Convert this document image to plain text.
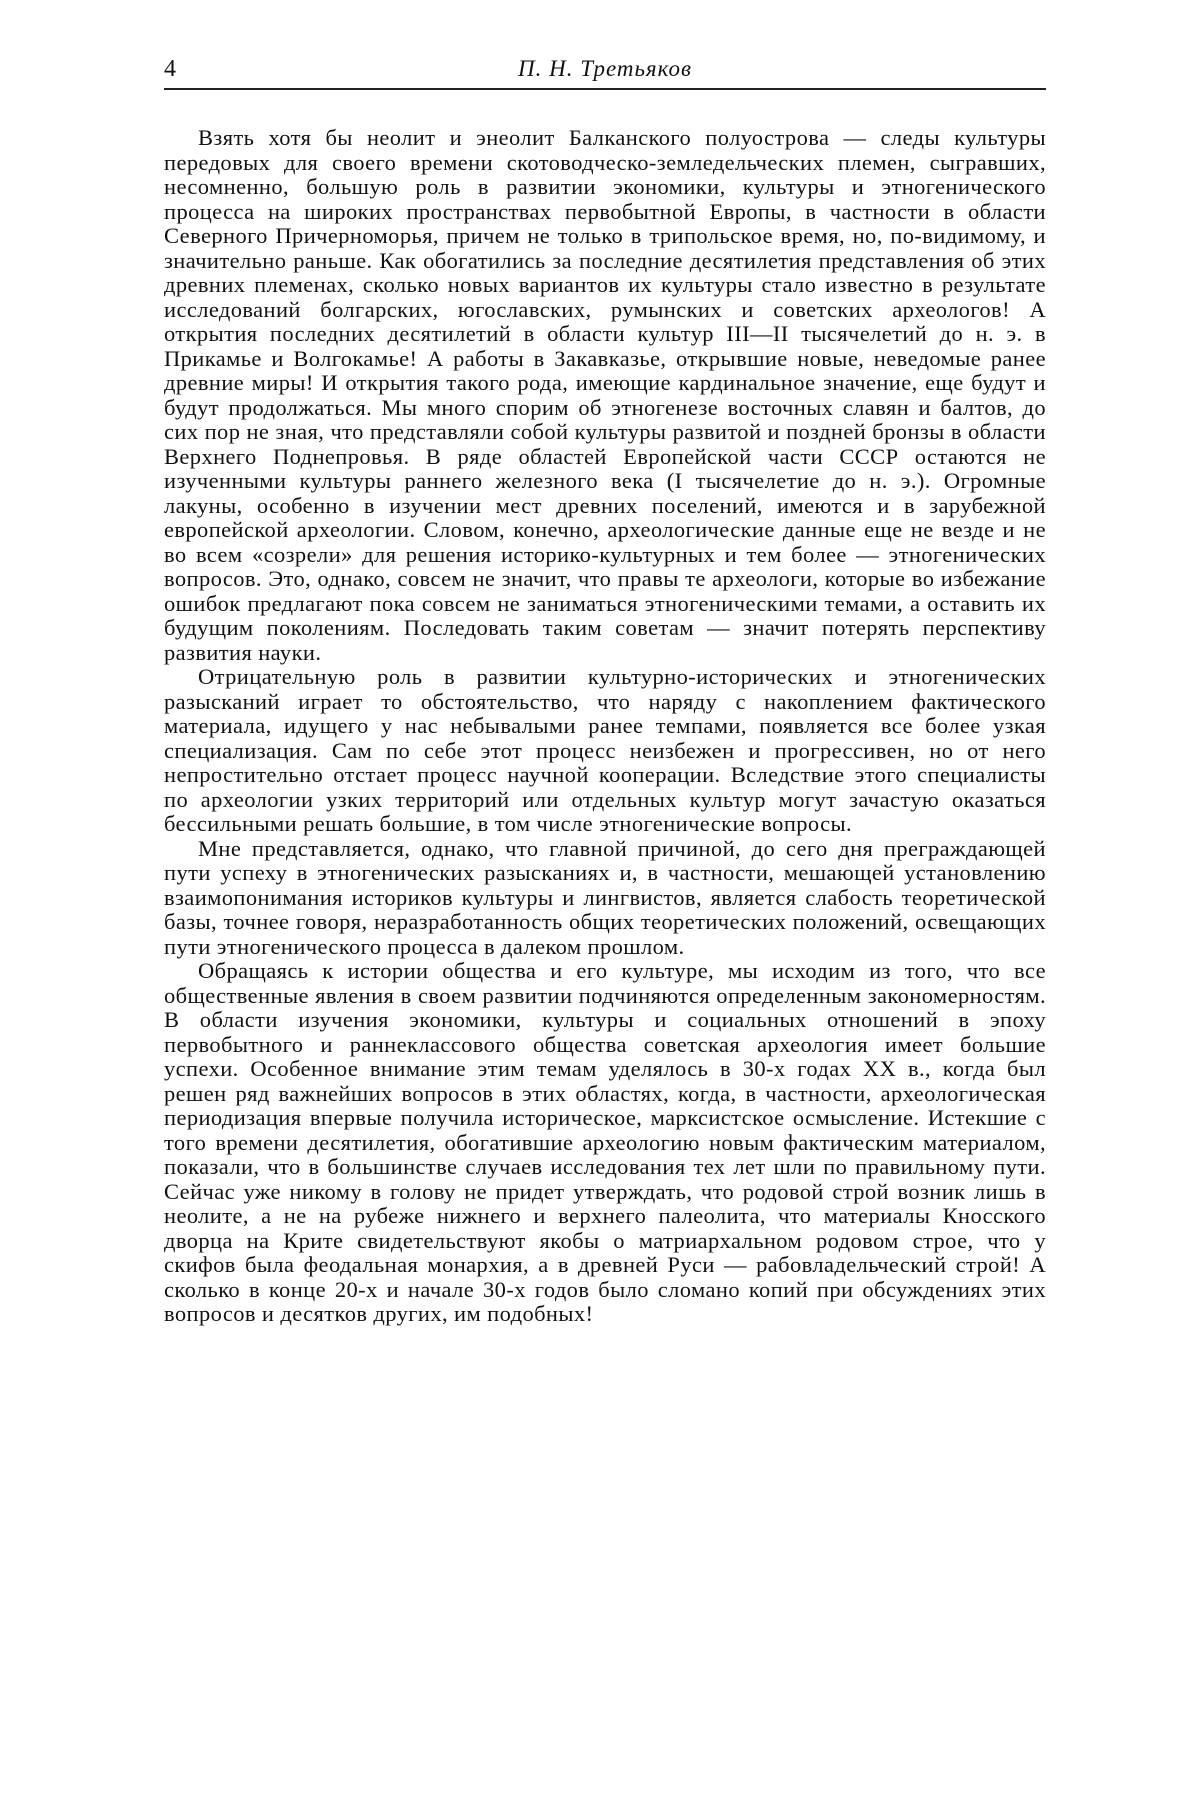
4	П. Н. Третьяков

Взять хотя бы неолит и энеолит Балканского полуострова — следы культуры передовых для своего времени скотоводческо-земледельческих племен, сыгравших, несомненно, большую роль в развитии экономики, культуры и этногенического процесса на широких пространствах первобытной Европы, в частности в области Северного Причерноморья, причем не только в трипольское время, но, по-видимому, и значительно раньше. Как обогатились за последние десятилетия представления об этих древних племенах, сколько новых вариантов их культуры стало известно в результате исследований болгарских, югославских, румынских и советских археологов! А открытия последних десятилетий в области культур III—II тысячелетий до н. э. в Прикамье и Волгокамье! А работы в Закавказье, открывшие новые, неведомые ранее древние миры! И открытия такого рода, имеющие кардинальное значение, еще будут и будут продолжаться. Мы много спорим об этногенезе восточных славян и балтов, до сих пор не зная, что представляли собой культуры развитой и поздней бронзы в области Верхнего Поднепровья. В ряде областей Европейской части СССР остаются не изученными культуры раннего железного века (I тысячелетие до н. э.). Огромные лакуны, особенно в изучении мест древних поселений, имеются и в зарубежной европейской археологии. Словом, конечно, археологические данные еще не везде и не во всем «созрели» для решения историко-культурных и тем более — этногенических вопросов. Это, однако, совсем не значит, что правы те археологи, которые во избежание ошибок предлагают пока совсем не заниматься этногеническими темами, а оставить их будущим поколениям. Последовать таким советам — значит потерять перспективу развития науки.

Отрицательную роль в развитии культурно-исторических и этногенических разысканий играет то обстоятельство, что наряду с накоплением фактического материала, идущего у нас небывалыми ранее темпами, появляется все более узкая специализация. Сам по себе этот процесс неизбежен и прогрессивен, но от него непростительно отстает процесс научной кооперации. Вследствие этого специалисты по археологии узких территорий или отдельных культур могут зачастую оказаться бессильными решать большие, в том числе этногенические вопросы.

Мне представляется, однако, что главной причиной, до сего дня преграждающей пути успеху в этногенических разысканиях и, в частности, мешающей установлению взаимопонимания историков культуры и лингвистов, является слабость теоретической базы, точнее говоря, неразработанность общих теоретических положений, освещающих пути этногенического процесса в далеком прошлом.

Обращаясь к истории общества и его культуре, мы исходим из того, что все общественные явления в своем развитии подчиняются определенным закономерностям. В области изучения экономики, культуры и социальных отношений в эпоху первобытного и раннеклассового общества советская археология имеет большие успехи. Особенное внимание этим темам уделялось в 30-х годах XX в., когда был решен ряд важнейших вопросов в этих областях, когда, в частности, археологическая периодизация впервые получила историческое, марксистское осмысление. Истекшие с того времени десятилетия, обогатившие археологию новым фактическим материалом, показали, что в большинстве случаев исследования тех лет шли по правильному пути. Сейчас уже никому в голову не придет утверждать, что родовой строй возник лишь в неолите, а не на рубеже нижнего и верхнего палеолита, что материалы Кносского дворца на Крите свидетельствуют якобы о матриархальном родовом строе, что у скифов была феодальная монархия, а в древней Руси — рабовладельческий строй! А сколько в конце 20-х и начале 30-х годов было сломано копий при обсуждениях этих вопросов и десятков других, им подобных!
